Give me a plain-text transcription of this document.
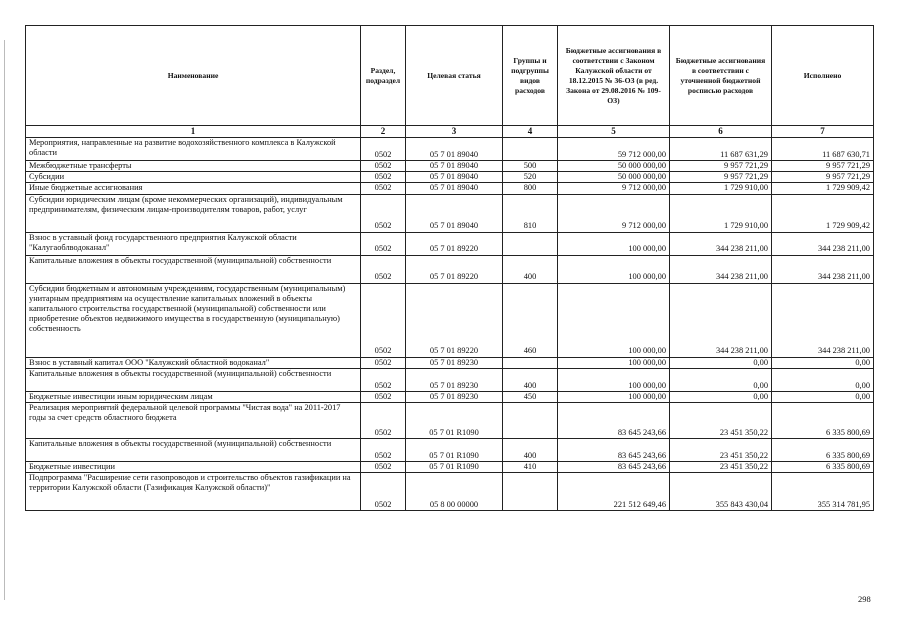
Наименование	Раздел, подраздел	Целевая статья	Группы и подгруппы видов расходов	Бюджетные ассигнования в соответствии с Законом Калужской области от 18.12.2015 № 36-ОЗ (в ред. Закона от 29.08.2016 № 109-ОЗ)	Бюджетные ассигнования в соответствии с уточненной бюджетной росписью расходов	Исполнено
1	2	3	4	5	6	7
Мероприятия, направленные на развитие водохозяйственного комплекса в Калужской области	0502	05 7 01 89040		59 712 000,00	11 687 631,29	11 687 630,71
Межбюджетные трансферты	0502	05 7 01 89040	500	50 000 000,00	9 957 721,29	9 957 721,29
Субсидии	0502	05 7 01 89040	520	50 000 000,00	9 957 721,29	9 957 721,29
Иные бюджетные ассигнования	0502	05 7 01 89040	800	9 712 000,00	1 729 910,00	1 729 909,42
Субсидии юридическим лицам (кроме некоммерческих организаций), индивидуальным предпринимателям, физическим лицам-производителям товаров, работ, услуг	0502	05 7 01 89040	810	9 712 000,00	1 729 910,00	1 729 909,42
Взнос в уставный фонд государственного предприятия Калужской области "Калугаоблводоканал"	0502	05 7 01 89220		100 000,00	344 238 211,00	344 238 211,00
Капитальные вложения в объекты государственной (муниципальной) собственности	0502	05 7 01 89220	400	100 000,00	344 238 211,00	344 238 211,00
Субсидии бюджетным и автономным учреждениям, государственным (муниципальным) унитарным предприятиям на осуществление капитальных вложений в объекты капитального строительства государственной (муниципальной) собственности или приобретение объектов недвижимого имущества в государственную (муниципальную) собственность	0502	05 7 01 89220	460	100 000,00	344 238 211,00	344 238 211,00
Взнос в уставный капитал ООО "Калужский областной водоканал"	0502	05 7 01 89230		100 000,00	0,00	0,00
Капитальные вложения в объекты государственной (муниципальной) собственности	0502	05 7 01 89230	400	100 000,00	0,00	0,00
Бюджетные инвестиции иным юридическим лицам	0502	05 7 01 89230	450	100 000,00	0,00	0,00
Реализация мероприятий федеральной целевой программы "Чистая вода" на 2011-2017 годы за счет средств областного бюджета	0502	05 7 01 R1090		83 645 243,66	23 451 350,22	6 335 800,69
Капитальные вложения в объекты государственной (муниципальной) собственности	0502	05 7 01 R1090	400	83 645 243,66	23 451 350,22	6 335 800,69
Бюджетные инвестиции	0502	05 7 01 R1090	410	83 645 243,66	23 451 350,22	6 335 800,69
Подпрограмма "Расширение сети газопроводов и строительство объектов газификации на территории Калужской области (Газификация Калужской области)"	0502	05 8 00 00000		221 512 649,46	355 843 430,04	355 314 781,95
298
